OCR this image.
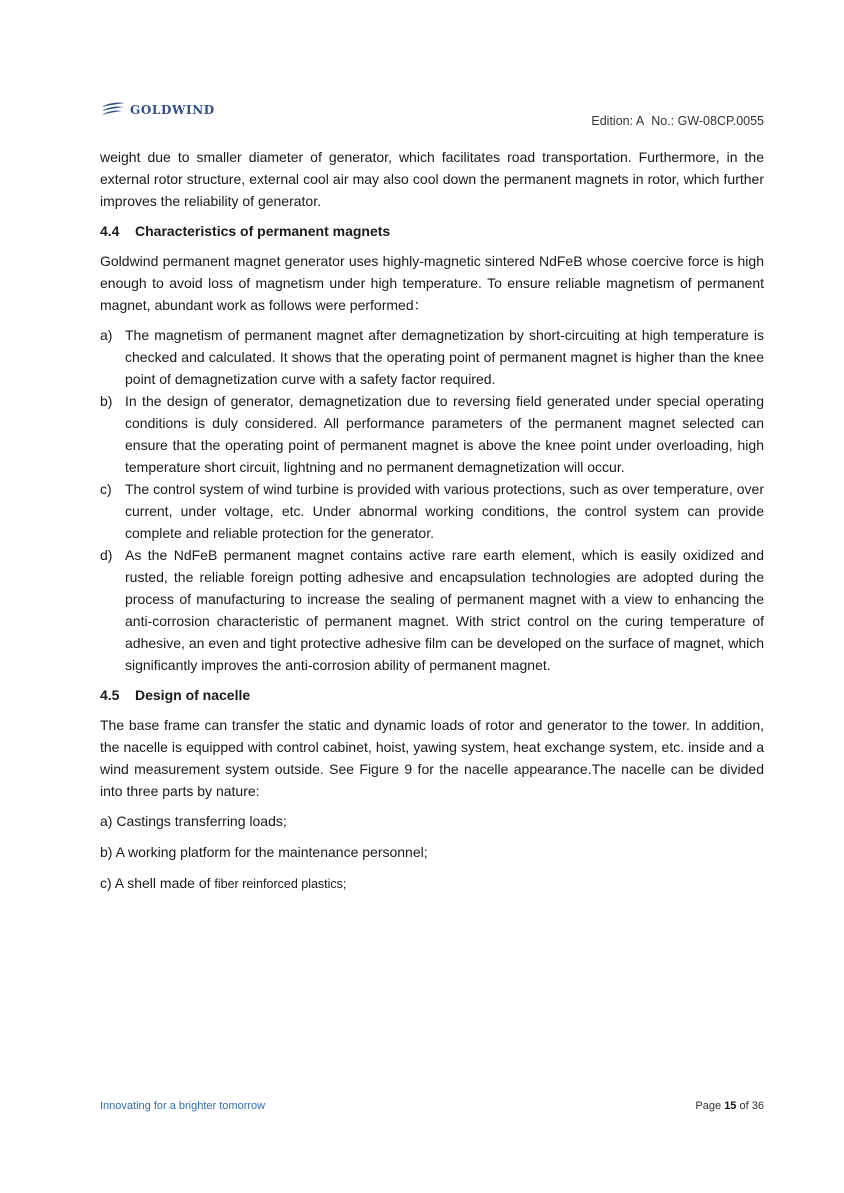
GOLDWIND
Edition: A No.: GW-08CP.0055

weight due to smaller diameter of generator, which facilitates road transportation. Furthermore, in the external rotor structure, external cool air may also cool down the permanent magnets in rotor, which further improves the reliability of generator.

4.4 Characteristics of permanent magnets

Goldwind permanent magnet generator uses highly-magnetic sintered NdFeB whose coercive force is high enough to avoid loss of magnetism under high temperature. To ensure reliable magnetism of permanent magnet, abundant work as follows were performed：

a) The magnetism of permanent magnet after demagnetization by short-circuiting at high temperature is checked and calculated. It shows that the operating point of permanent magnet is higher than the knee point of demagnetization curve with a safety factor required.
b) In the design of generator, demagnetization due to reversing field generated under special operating conditions is duly considered. All performance parameters of the permanent magnet selected can ensure that the operating point of permanent magnet is above the knee point under overloading, high temperature short circuit, lightning and no permanent demagnetization will occur.
c) The control system of wind turbine is provided with various protections, such as over temperature, over current, under voltage, etc. Under abnormal working conditions, the control system can provide complete and reliable protection for the generator.
d) As the NdFeB permanent magnet contains active rare earth element, which is easily oxidized and rusted, the reliable foreign potting adhesive and encapsulation technologies are adopted during the process of manufacturing to increase the sealing of permanent magnet with a view to enhancing the anti-corrosion characteristic of permanent magnet. With strict control on the curing temperature of adhesive, an even and tight protective adhesive film can be developed on the surface of magnet, which significantly improves the anti-corrosion ability of permanent magnet.
4.5 Design of nacelle

The base frame can transfer the static and dynamic loads of rotor and generator to the tower. In addition, the nacelle is equipped with control cabinet, hoist, yawing system, heat exchange system, etc. inside and a wind measurement system outside. See Figure 9 for the nacelle appearance.The nacelle can be divided into three parts by nature:

a) Castings transferring loads;

b) A working platform for the maintenance personnel;

c) A shell made of fiber reinforced plastics;

Innovating for a brighter tomorrow	Page 15 of 36
